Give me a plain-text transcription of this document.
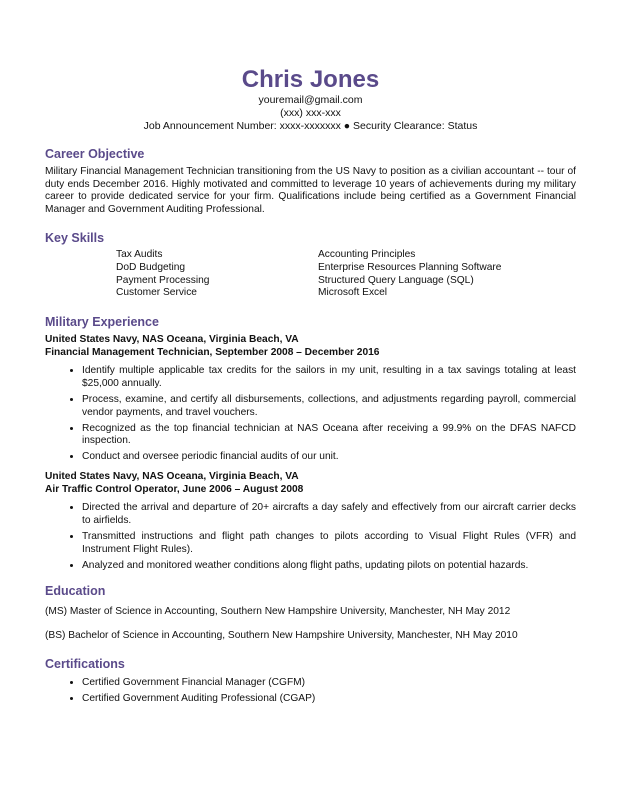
Chris Jones

youremail@gmail.com

(xxx) xxx-xxx

Job Announcement Number: xxxx-xxxxxxx ● Security Clearance: Status

Career Objective

Military Financial Management Technician transitioning from the US Navy to position as a civilian accountant -- tour of duty ends December 2016. Highly motivated and committed to leverage 10 years of achievements during my military career to provide dedicated service for your firm. Qualifications include being certified as a Government Financial Manager and Government Auditing Professional.

Key Skills
Tax Audits	Accounting Principles
DoD Budgeting	Enterprise Resources Planning Software
Payment Processing	Structured Query Language (SQL)
Customer Service	Microsoft Excel
Military Experience

United States Navy, NAS Oceana, Virginia Beach, VA

Financial Management Technician, September 2008 – December 2016

• Identify multiple applicable tax credits for the sailors in my unit, resulting in a tax savings totaling at least $25,000 annually.
• Process, examine, and certify all disbursements, collections, and adjustments regarding payroll, commercial vendor payments, and travel vouchers.
• Recognized as the top financial technician at NAS Oceana after receiving a 99.9% on the DFAS NAFCD inspection.
• Conduct and oversee periodic financial audits of our unit.

United States Navy, NAS Oceana, Virginia Beach, VA

Air Traffic Control Operator, June 2006 – August 2008

• Directed the arrival and departure of 20+ aircrafts a day safely and effectively from our aircraft carrier decks to airfields.
• Transmitted instructions and flight path changes to pilots according to Visual Flight Rules (VFR) and Instrument Flight Rules).
• Analyzed and monitored weather conditions along flight paths, updating pilots on potential hazards.
Education

(MS) Master of Science in Accounting, Southern New Hampshire University, Manchester, NH May 2012

(BS) Bachelor of Science in Accounting, Southern New Hampshire University, Manchester, NH May 2010

Certifications
• Certified Government Financial Manager (CGFM)
• Certified Government Auditing Professional (CGAP)
